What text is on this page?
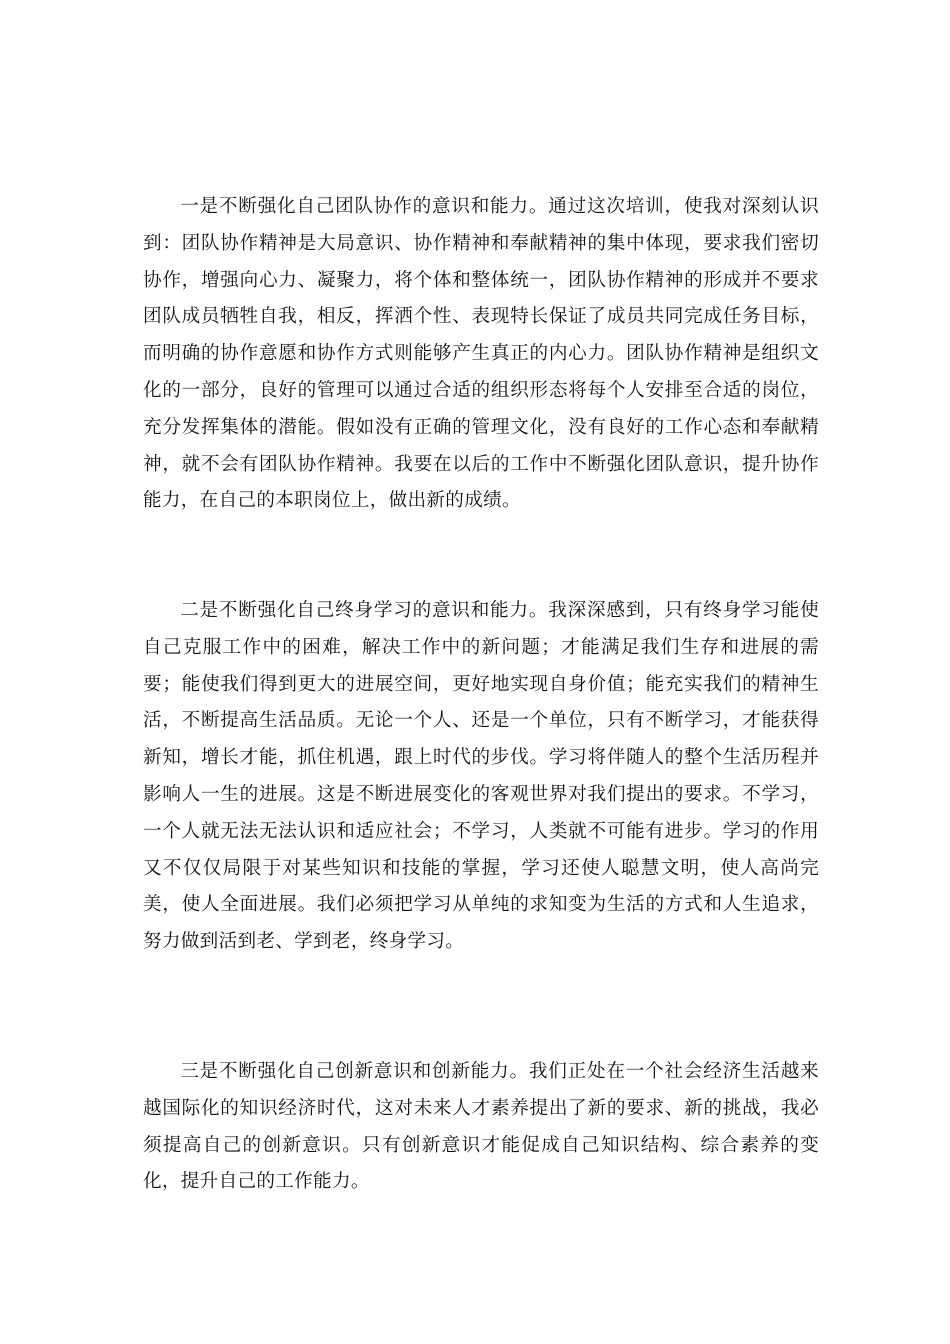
一是不断强化自己团队协作的意识和能力。通过这次培训，使我对深刻认识到：团队协作精神是大局意识、协作精神和奉献精神的集中体现，要求我们密切协作，增强向心力、凝聚力，将个体和整体统一，团队协作精神的形成并不要求团队成员牺牲自我，相反，挥洒个性、表现特长保证了成员共同完成任务目标，而明确的协作意愿和协作方式则能够产生真正的内心力。团队协作精神是组织文化的一部分，良好的管理可以通过合适的组织形态将每个人安排至合适的岗位，充分发挥集体的潜能。假如没有正确的管理文化，没有良好的工作心态和奉献精神，就不会有团队协作精神。我要在以后的工作中不断强化团队意识，提升协作能力，在自己的本职岗位上，做出新的成绩。

二是不断强化自己终身学习的意识和能力。我深深感到，只有终身学习能使自己克服工作中的困难，解决工作中的新问题；才能满足我们生存和进展的需要；能使我们得到更大的进展空间，更好地实现自身价值；能充实我们的精神生活，不断提高生活品质。无论一个人、还是一个单位，只有不断学习，才能获得新知，增长才能，抓住机遇，跟上时代的步伐。学习将伴随人的整个生活历程并影响人一生的进展。这是不断进展变化的客观世界对我们提出的要求。不学习，一个人就无法无法认识和适应社会；不学习，人类就不可能有进步。学习的作用又不仅仅局限于对某些知识和技能的掌握，学习还使人聪慧文明，使人高尚完美，使人全面进展。我们必须把学习从单纯的求知变为生活的方式和人生追求，努力做到活到老、学到老，终身学习。

三是不断强化自己创新意识和创新能力。我们正处在一个社会经济生活越来越国际化的知识经济时代，这对未来人才素养提出了新的要求、新的挑战，我必须提高自己的创新意识。只有创新意识才能促成自己知识结构、综合素养的变化，提升自己的工作能力。
